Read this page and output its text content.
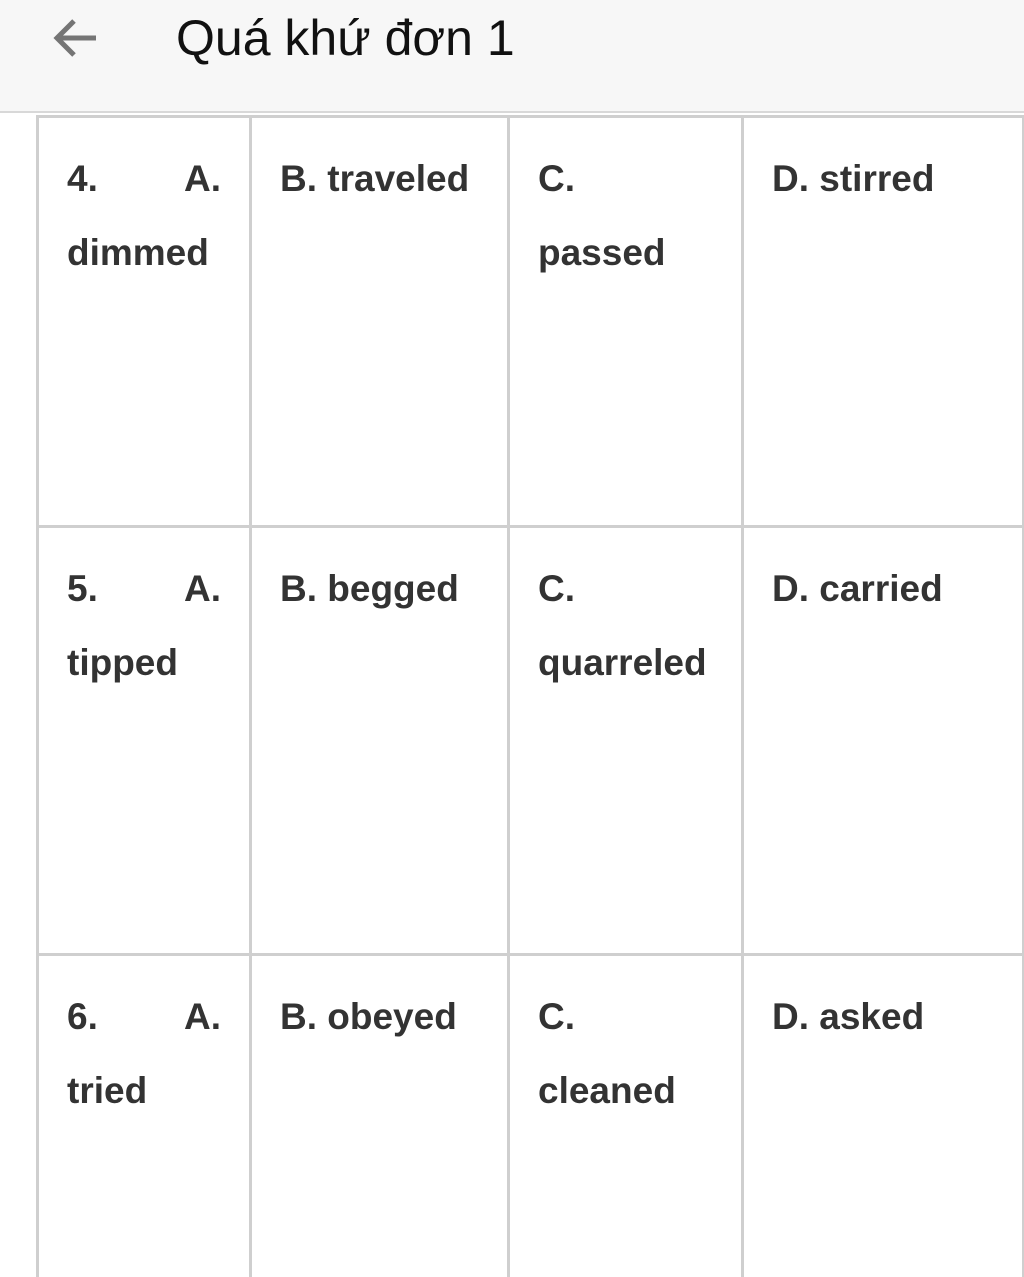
Quá khứ đơn 1
4. A.
dimmed	B. traveled	C.
passed	D. stirred

5. A.
tipped	B. begged	C.
quarreled	D. carried

6. A.
tried	B. obeyed	C.
cleaned	D. asked
